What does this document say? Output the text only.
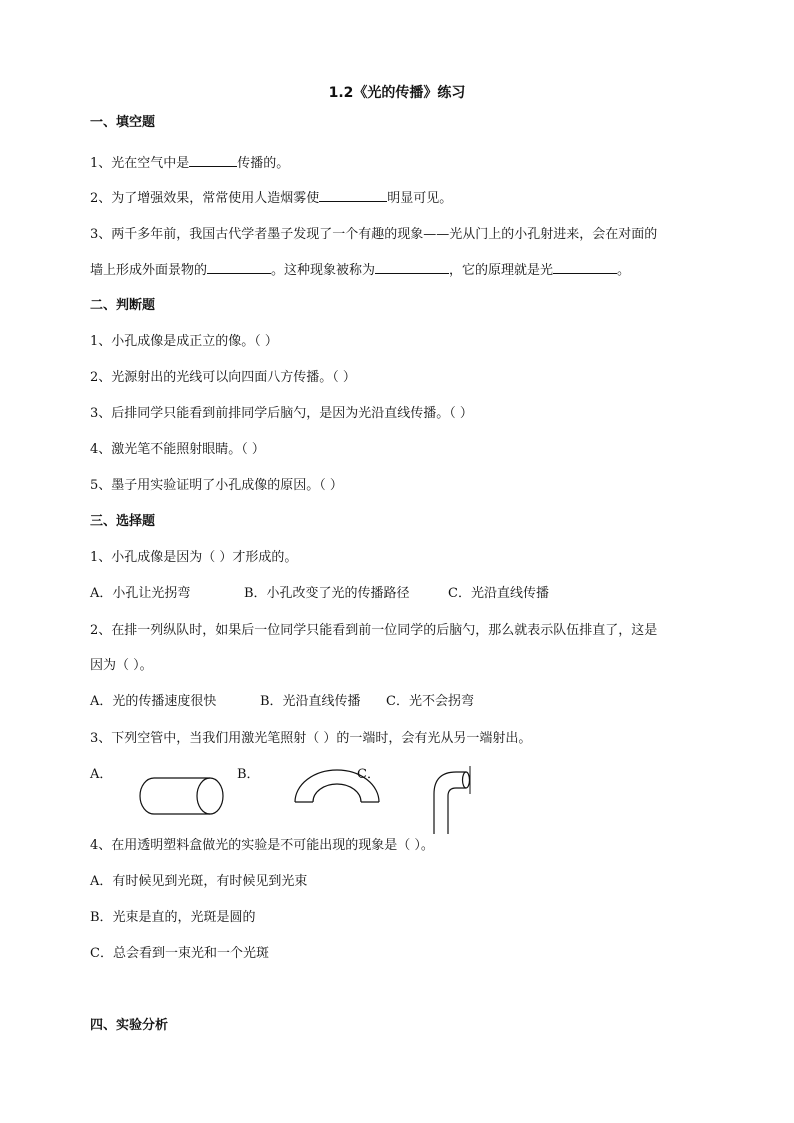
1.2《光的传播》练习
一、填空题
1、光在空气中是	传播的。
2、为了增强效果，常常使用人造烟雾使	明显可见。
3、两千多年前，我国古代学者墨子发现了一个有趣的现象——光从门上的小孔射进来，会在对面的
墙上形成外面景物的	。这种现象被称为	，它的原理就是光	。
二、判断题
1、小孔成像是成正立的像。（ ）
2、光源射出的光线可以向四面八方传播。（ ）
3、后排同学只能看到前排同学后脑勺，是因为光沿直线传播。（ ）
4、激光笔不能照射眼睛。（ ）
5、墨子用实验证明了小孔成像的原因。（ ）
三、选择题
1、小孔成像是因为（ ）才形成的。
A．小孔让光拐弯	B．小孔改变了光的传播路径	C．光沿直线传播
2、在排一列纵队时，如果后一位同学只能看到前一位同学的后脑勺，那么就表示队伍排直了，这是
因为（ ）。
A．光的传播速度很快	B．光沿直线传播 C．光不会拐弯
3、下列空管中，当我们用激光笔照射（ ）的一端时，会有光从另一端射出。
A．	B．	C．
4、在用透明塑料盒做光的实验是不可能出现的现象是（ ）。
A．有时候见到光斑，有时候见到光束
B．光束是直的，光斑是圆的
C．总会看到一束光和一个光斑
四、实验分析
